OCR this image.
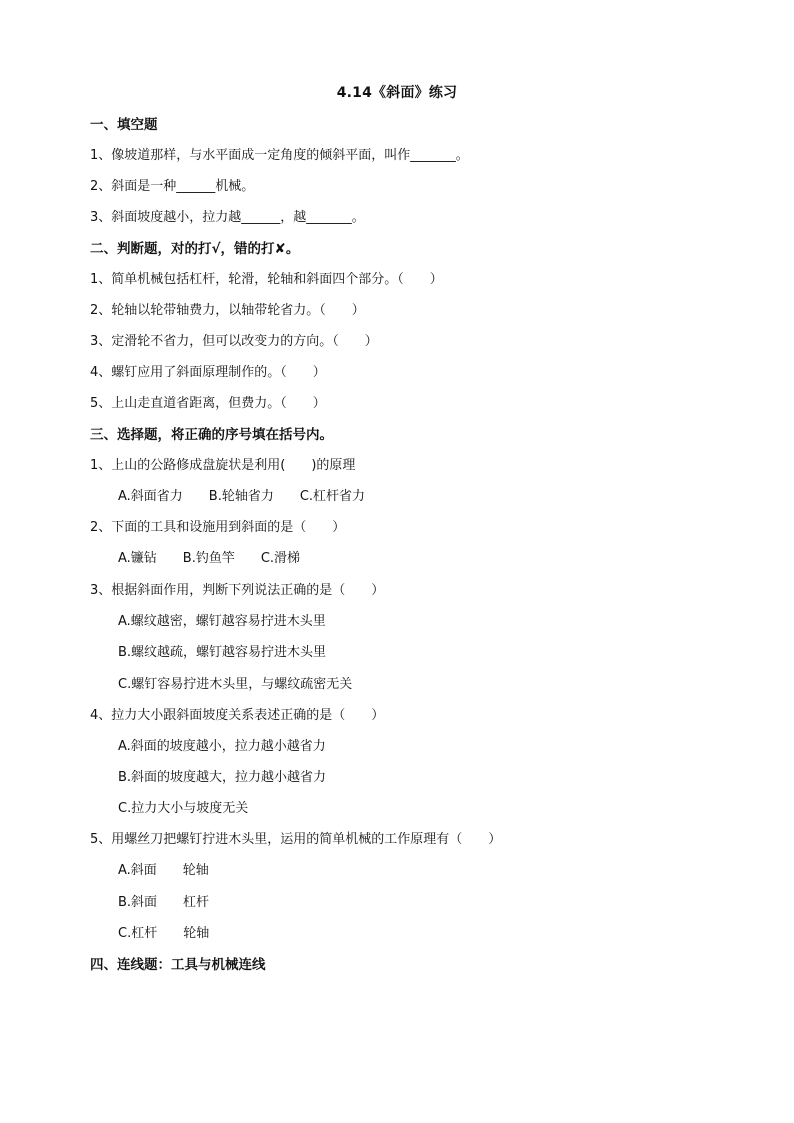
4.14《斜面》练习
一、填空题
1、像坡道那样，与水平面成一定角度的倾斜平面，叫作_______。
2、斜面是一种______机械。
3、斜面坡度越小，拉力越______，越_______。
二、判断题，对的打√，错的打✘。
1、简单机械包括杠杆，轮滑，轮轴和斜面四个部分。（　　）
2、轮轴以轮带轴费力，以轴带轮省力。（　　）
3、定滑轮不省力，但可以改变力的方向。（　　）
4、螺钉应用了斜面原理制作的。（　　）
5、上山走直道省距离，但费力。（　　）
三、选择题，将正确的序号填在括号内。
1、上山的公路修成盘旋状是利用(　　)的原理
A.斜面省力　　B.轮轴省力　　C.杠杆省力
2、下面的工具和设施用到斜面的是（　　）
A.镰钻　　B.钓鱼竿　　C.滑梯
3、根据斜面作用，判断下列说法正确的是（　　）
A.螺纹越密，螺钉越容易拧进木头里
B.螺纹越疏，螺钉越容易拧进木头里
C.螺钉容易拧进木头里，与螺纹疏密无关
4、拉力大小跟斜面坡度关系表述正确的是（　　）
A.斜面的坡度越小，拉力越小越省力
B.斜面的坡度越大，拉力越小越省力
C.拉力大小与坡度无关
5、用螺丝刀把螺钉拧进木头里，运用的简单机械的工作原理有（　　）
A.斜面　　轮轴
B.斜面　　杠杆
C.杠杆　　轮轴
四、连线题：工具与机械连线
